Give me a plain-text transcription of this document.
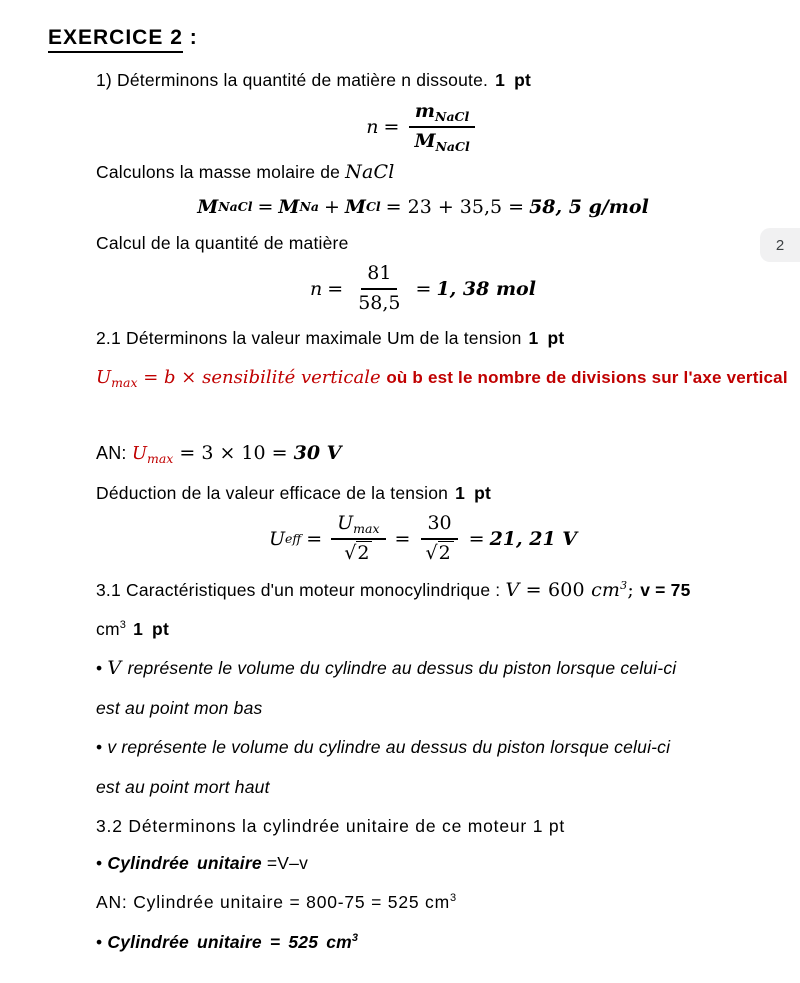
2
EXERCICE 2 :
1) Déterminons la quantité de matière n dissoute. 1 pt
$n = \frac{m_{NaCl}}{M_{NaCl}}$
Calculons la masse molaire de NaCl
M NaCl = M Na + M Cl = 23 + 35,5 = 58, 5 g/mol
Calcul de la quantité de matière
$n = \frac{81}{58,5} = 1$, 38 mol
2.1 Déterminons la valeur maximale Um de la tension 1 pt
$U_{max} = b$ × sensibilité verticale où b est le nombre de divisions sur l'axe vertical
AN: $U_{max} = 3 \times 10 = 30$ V
Déduction de la valeur efficace de la tension 1 pt
U eff = $\frac{U_{max}}{√2} = \frac{30}{√2} = 21$, 21 V
3.1 Caractéristiques d'un moteur monocylindrique : V = 600 $cm^3$; v = 75
$cm^3$ 1 pt
• V représente le volume du cylindre au dessus du piston lorsque celui-ci
est au point mon bas
• v représente le volume du cylindre au dessus du piston lorsque celui-ci
est au point mort haut
3.2 Déterminons la cylindrée unitaire de ce moteur 1 pt
• Cylindrée unitaire =V–v
AN: Cylindrée unitaire = 800-75 = 525 $cm^3$
• Cylindrée unitaire = 525 $cm^3$
